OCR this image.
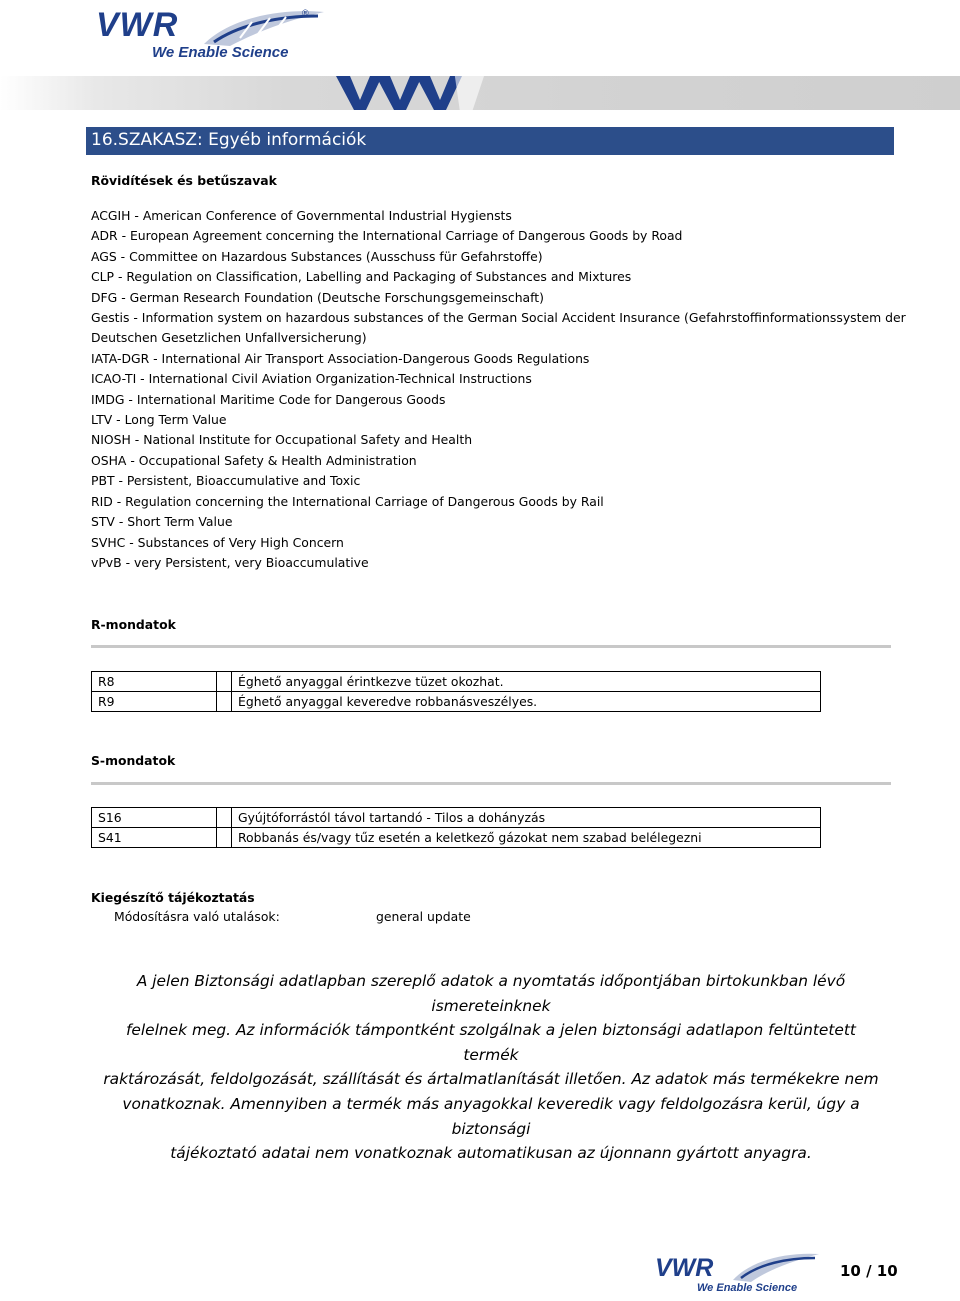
VWR	®
We Enable Science
16.SZAKASZ: Egyéb információk
Rövidítések és betűszavak
ACGIH - American Conference of Governmental Industrial Hygiensts
ADR - European Agreement concerning the International Carriage of Dangerous Goods by Road
AGS - Committee on Hazardous Substances (Ausschuss für Gefahrstoffe)
CLP - Regulation on Classification, Labelling and Packaging of Substances and Mixtures
DFG - German Research Foundation (Deutsche Forschungsgemeinschaft)
Gestis - Information system on hazardous substances of the German Social Accident Insurance (Gefahrstoffinformationssystem der
Deutschen Gesetzlichen Unfallversicherung)
IATA-DGR - International Air Transport Association-Dangerous Goods Regulations
ICAO-TI - International Civil Aviation Organization-Technical Instructions
IMDG - International Maritime Code for Dangerous Goods
LTV - Long Term Value
NIOSH - National Institute for Occupational Safety and Health
OSHA - Occupational Safety & Health Administration
PBT - Persistent, Bioaccumulative and Toxic
RID - Regulation concerning the International Carriage of Dangerous Goods by Rail
STV - Short Term Value
SVHC - Substances of Very High Concern
vPvB - very Persistent, very Bioaccumulative
R-mondatok
R8		Éghető anyaggal érintkezve tüzet okozhat.
R9		Éghető anyaggal keveredve robbanásveszélyes.
S-mondatok
S16		Gyújtóforrástól távol tartandó - Tilos a dohányzás
S41		Robbanás és/vagy tűz esetén a keletkező gázokat nem szabad belélegezni
Kiegészítő tájékoztatás
Módosításra való utalások:	general update
A jelen Biztonsági adatlapban szereplő adatok a nyomtatás időpontjában birtokunkban lévő ismereteinknek
felelnek meg. Az információk támpontként szolgálnak a jelen biztonsági adatlapon feltüntetett termék
raktározását, feldolgozását, szállítását és ártalmatlanítását illetően. Az adatok más termékekre nem
vonatkoznak. Amennyiben a termék más anyagokkal keveredik vagy feldolgozásra kerül, úgy a biztonsági
tájékoztató adatai nem vonatkoznak automatikusan az újonnann gyártott anyagra.
VWR
We Enable Science
10 / 10
